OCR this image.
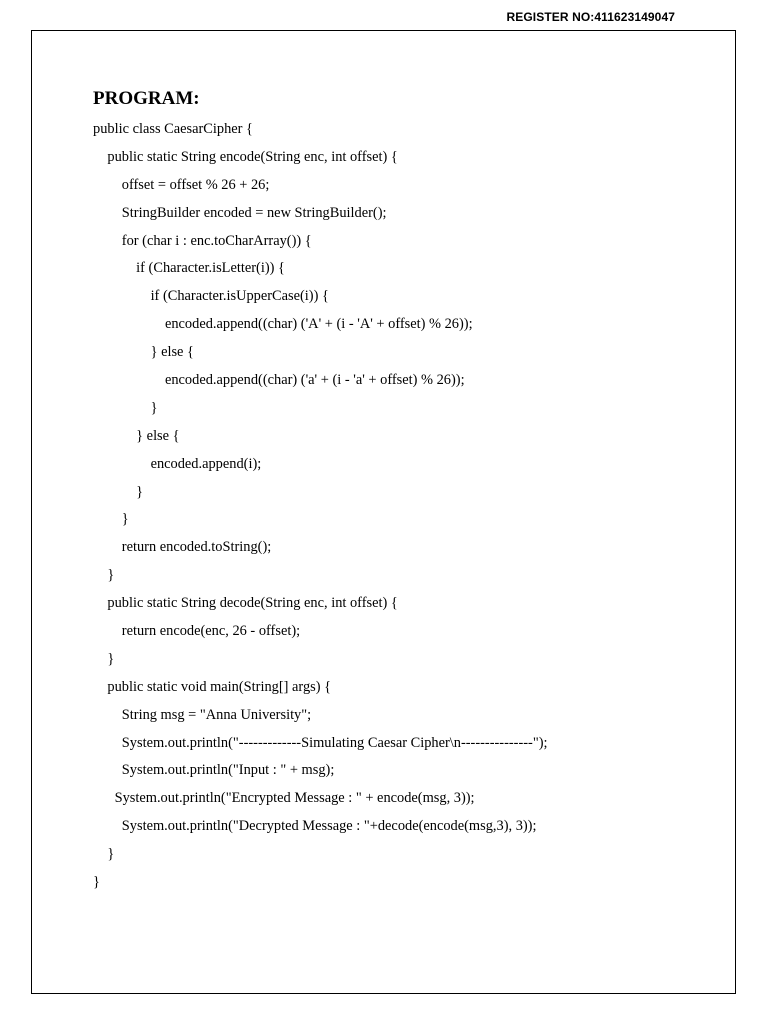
REGISTER NO:411623149047
PROGRAM:
public class CaesarCipher {
public static String encode(String enc, int offset) {
offset = offset % 26 + 26;
StringBuilder encoded = new StringBuilder();
for (char i : enc.toCharArray()) {
if (Character.isLetter(i)) {
if (Character.isUpperCase(i)) {
encoded.append((char) ('A' + (i - 'A' + offset) % 26));
} else {
encoded.append((char) ('a' + (i - 'a' + offset) % 26));
}
} else {
encoded.append(i);
}
}
return encoded.toString();
}
public static String decode(String enc, int offset) {
return encode(enc, 26 - offset);
}
public static void main(String[] args) {
String msg = "Anna University";
System.out.println("-------------Simulating Caesar Cipher\n---------------");
System.out.println("Input : " + msg);
System.out.println("Encrypted Message : " + encode(msg, 3));
System.out.println("Decrypted Message : "+decode(encode(msg,3), 3));
}
}
